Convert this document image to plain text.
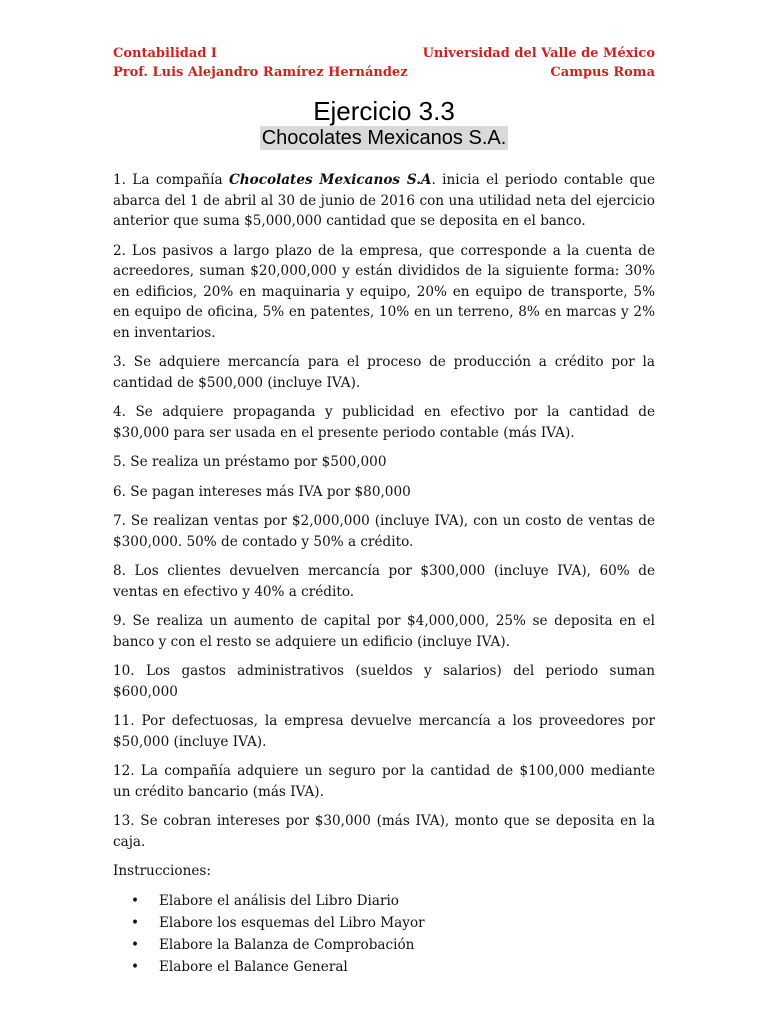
Contabilidad I	Universidad del Valle de México
Prof. Luis Alejandro Ramírez Hernández	Campus Roma
Ejercicio 3.3
Chocolates Mexicanos S.A.

1. La compañía Chocolates Mexicanos S.A. inicia el periodo contable que abarca del 1 de abril al 30 de junio de 2016 con una utilidad neta del ejercicio anterior que suma $5,000,000 cantidad que se deposita en el banco.

2. Los pasivos a largo plazo de la empresa, que corresponde a la cuenta de acreedores, suman $20,000,000 y están divididos de la siguiente forma: 30% en edificios, 20% en maquinaria y equipo, 20% en equipo de transporte, 5% en equipo de oficina, 5% en patentes, 10% en un terreno, 8% en marcas y 2% en inventarios.

3. Se adquiere mercancía para el proceso de producción a crédito por la cantidad de $500,000 (incluye IVA).

4. Se adquiere propaganda y publicidad en efectivo por la cantidad de $30,000 para ser usada en el presente periodo contable (más IVA).

5. Se realiza un préstamo por $500,000

6. Se pagan intereses más IVA por $80,000

7. Se realizan ventas por $2,000,000 (incluye IVA), con un costo de ventas de $300,000. 50% de contado y 50% a crédito.

8. Los clientes devuelven mercancía por $300,000 (incluye IVA), 60% de ventas en efectivo y 40% a crédito.

9. Se realiza un aumento de capital por $4,000,000, 25% se deposita en el banco y con el resto se adquiere un edificio (incluye IVA).

10. Los gastos administrativos (sueldos y salarios) del periodo suman $600,000

11. Por defectuosas, la empresa devuelve mercancía a los proveedores por $50,000 (incluye IVA).

12. La compañía adquiere un seguro por la cantidad de $100,000 mediante un crédito bancario (más IVA).

13. Se cobran intereses por $30,000 (más IVA), monto que se deposita en la caja.

Instrucciones:

•	Elabore el análisis del Libro Diario
•	Elabore los esquemas del Libro Mayor
•	Elabore la Balanza de Comprobación
•	Elabore el Balance General
